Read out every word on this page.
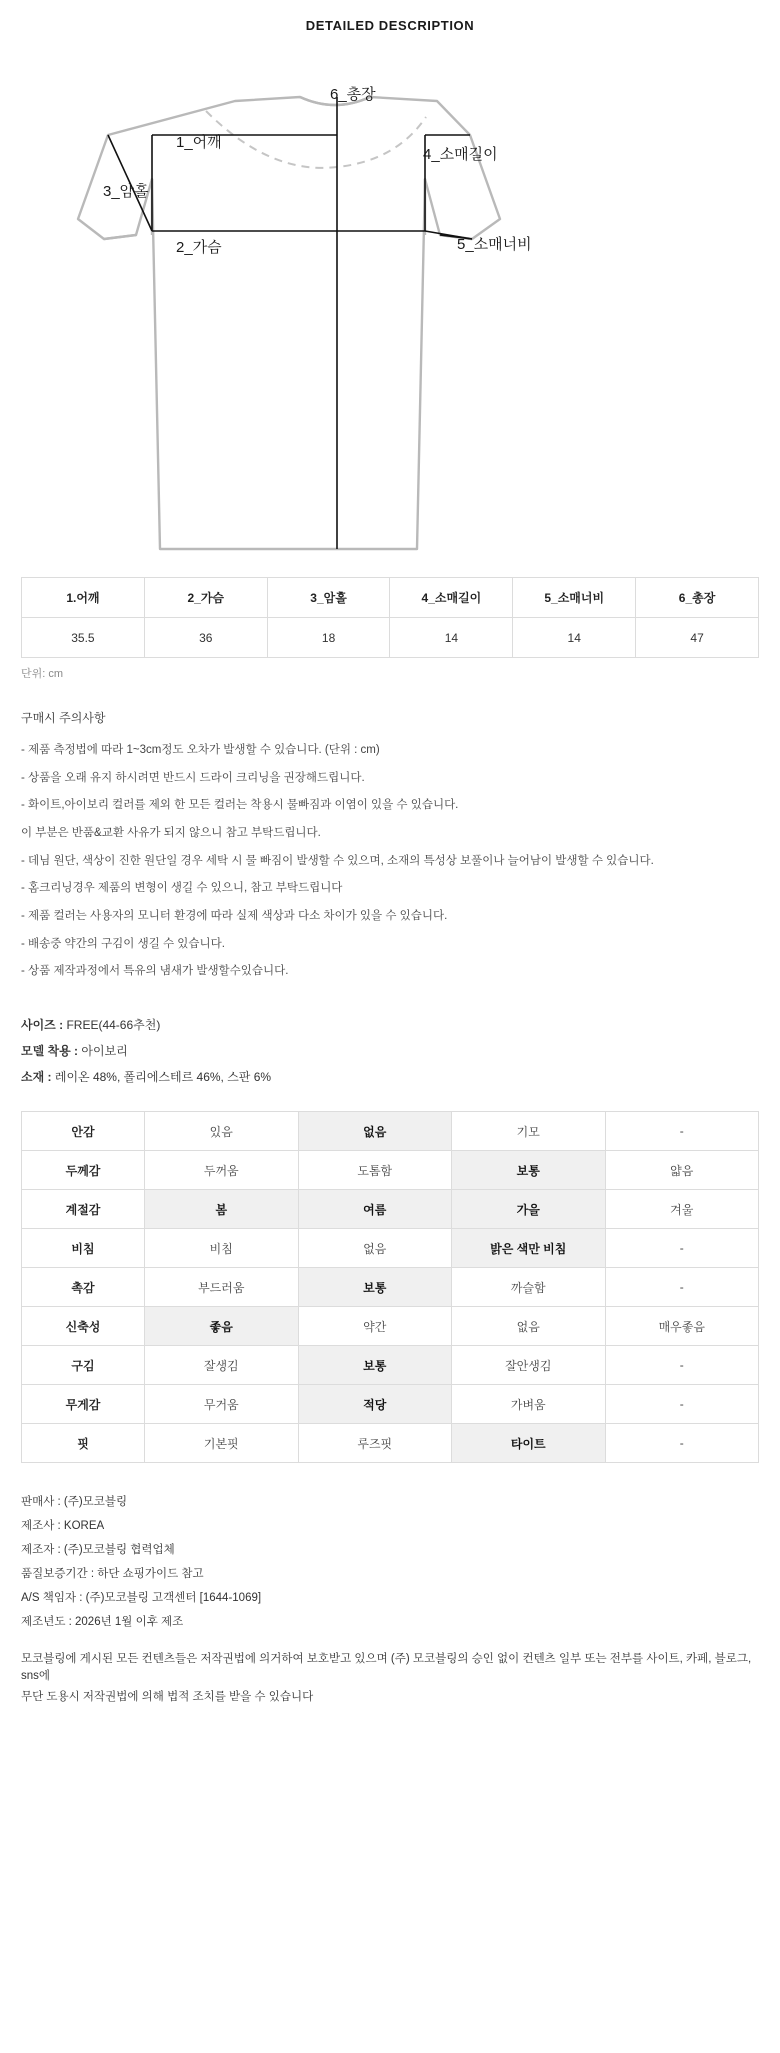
DETAILED DESCRIPTION
1_어깨
2_가슴
3_암홀
4_소매길이
5_소매너비
6_총장
1.어깨	2_가슴	3_암홀	4_소매길이	5_소매너비	6_총장
35.5	36	18	14	14	47
단위: cm
구매시 주의사항

- 제품 측정법에 따라 1~3cm정도 오차가 발생할 수 있습니다. (단위 : cm)

- 상품을 오래 유지 하시려면 반드시 드라이 크리닝을 권장해드립니다.

- 화이트,아이보리 컬러를 제외 한 모든 컬러는 착용시 물빠짐과 이염이 있을 수 있습니다.

이 부분은 반품&교환 사유가 되지 않으니 참고 부탁드립니다.

- 데님 원단, 색상이 진한 원단일 경우 세탁 시 물 빠짐이 발생할 수 있으며, 소재의 특성상 보풀이나 늘어남이 발생할 수 있습니다.

- 홈크리닝경우 제품의 변형이 생길 수 있으니, 참고 부탁드립니다

- 제품 컬러는 사용자의 모니터 환경에 따라 실제 색상과 다소 차이가 있을 수 있습니다.

- 배송중 약간의 구김이 생길 수 있습니다.

- 상품 제작과정에서 특유의 냄새가 발생할수있습니다.

사이즈 : FREE(44-66추천)

모델 착용 : 아이보리

소재 : 레이온 48%, 폴리에스테르 46%, 스판 6%

안감	있음	없음	기모	-
두께감	두꺼움	도톰함	보통	얇음
계절감	봄	여름	가을	겨울
비침	비침	없음	밝은 색만 비침	-
촉감	부드러움	보통	까슬함	-
신축성	좋음	약간	없음	매우좋음
구김	잘생김	보통	잘안생김	-
무게감	무거움	적당	가벼움	-
핏	기본핏	루즈핏	타이트	-

판매사 : (주)모코블링

제조사 : KOREA

제조자 : (주)모코블링 협력업체

품질보증기간 : 하단 쇼핑가이드 참고

A/S 책임자 : (주)모코블링 고객센터 [1644-1069]

제조년도 : 2026년 1월 이후 제조

모코블링에 게시된 모든 컨텐츠들은 저작권법에 의거하여 보호받고 있으며 (주) 모코블링의 승인 없이 컨텐츠 일부 또는 전부를 사이트, 카페, 블로그, sns에

무단 도용시 저작권법에 의해 법적 조치를 받을 수 있습니다
